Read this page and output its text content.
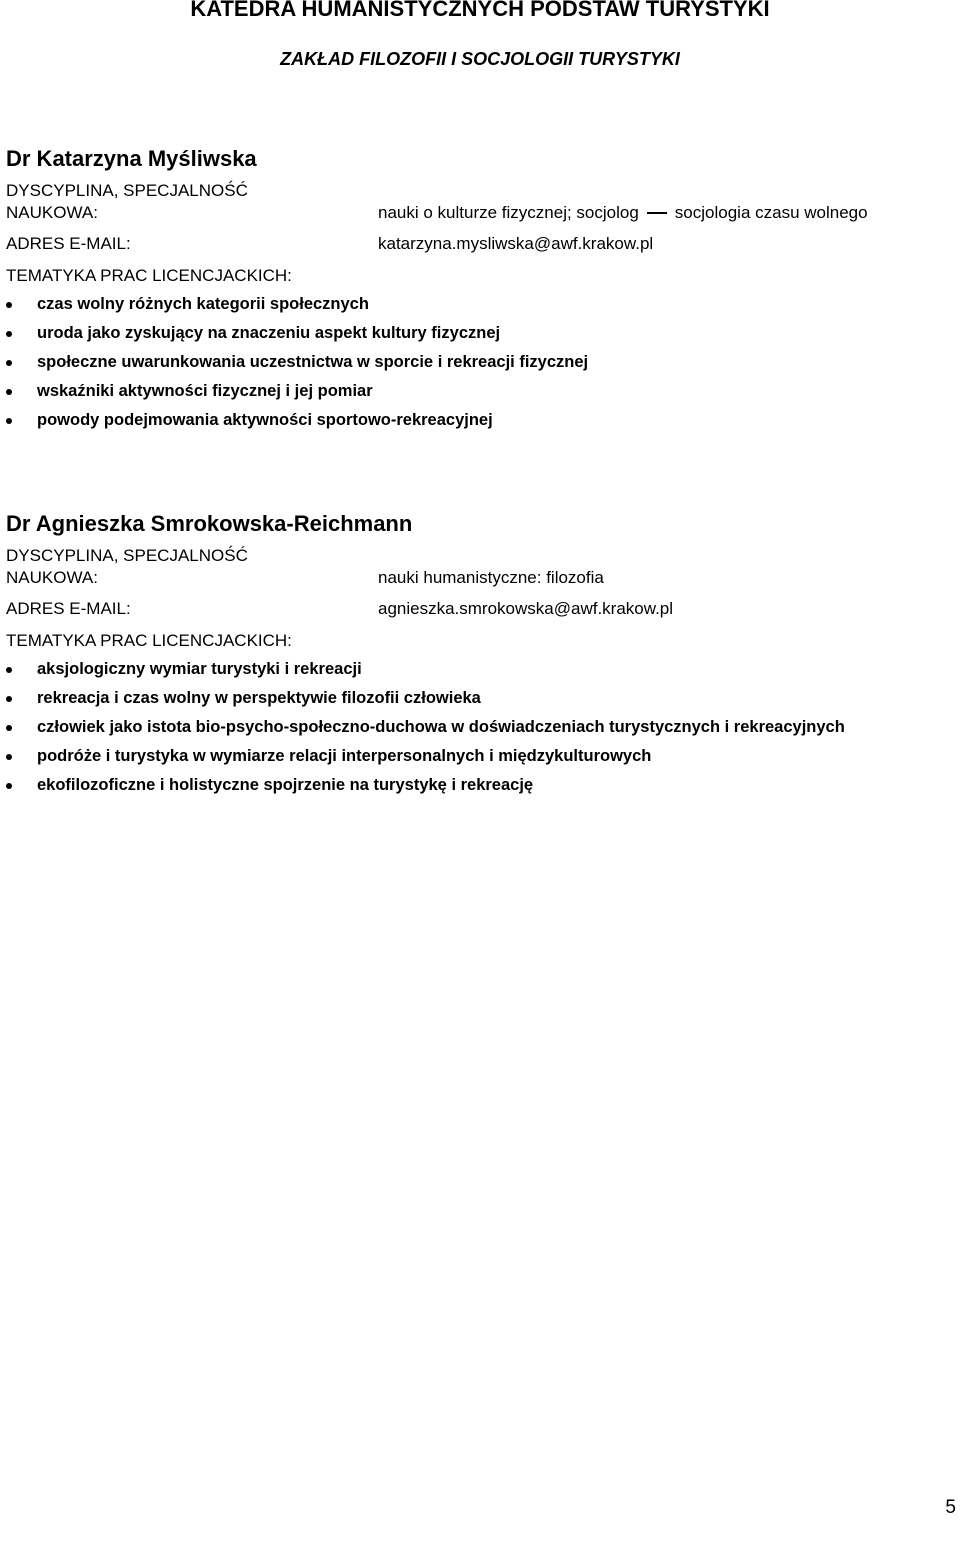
KATEDRA HUMANISTYCZNYCH PODSTAW TURYSTYKI
ZAKŁAD FILOZOFII I SOCJOLOGII TURYSTYKI
Dr Katarzyna Myśliwska
DYSCYPLINA, SPECJALNOŚĆ
NAUKOWA:	nauki o kulturze fizycznej; socjolog socjologia czasu wolnego
ADRES E-MAIL:	katarzyna.mysliwska@awf.krakow.pl
TEMATYKA PRAC LICENCJACKICH:
czas wolny różnych kategorii społecznych
uroda jako zyskujący na znaczeniu aspekt kultury fizycznej
społeczne uwarunkowania uczestnictwa w sporcie i rekreacji fizycznej
wskaźniki aktywności fizycznej i jej pomiar
powody podejmowania aktywności sportowo-rekreacyjnej
Dr Agnieszka Smrokowska-Reichmann
DYSCYPLINA, SPECJALNOŚĆ
NAUKOWA:	nauki humanistyczne: filozofia
ADRES E-MAIL:	agnieszka.smrokowska@awf.krakow.pl
TEMATYKA PRAC LICENCJACKICH:
aksjologiczny wymiar turystyki i rekreacji
rekreacja i czas wolny w perspektywie filozofii człowieka
człowiek jako istota bio-psycho-społeczno-duchowa w doświadczeniach turystycznych i rekreacyjnych
podróże i turystyka w wymiarze relacji interpersonalnych i międzykulturowych
ekofilozoficzne i holistyczne spojrzenie na turystykę i rekreację
5
